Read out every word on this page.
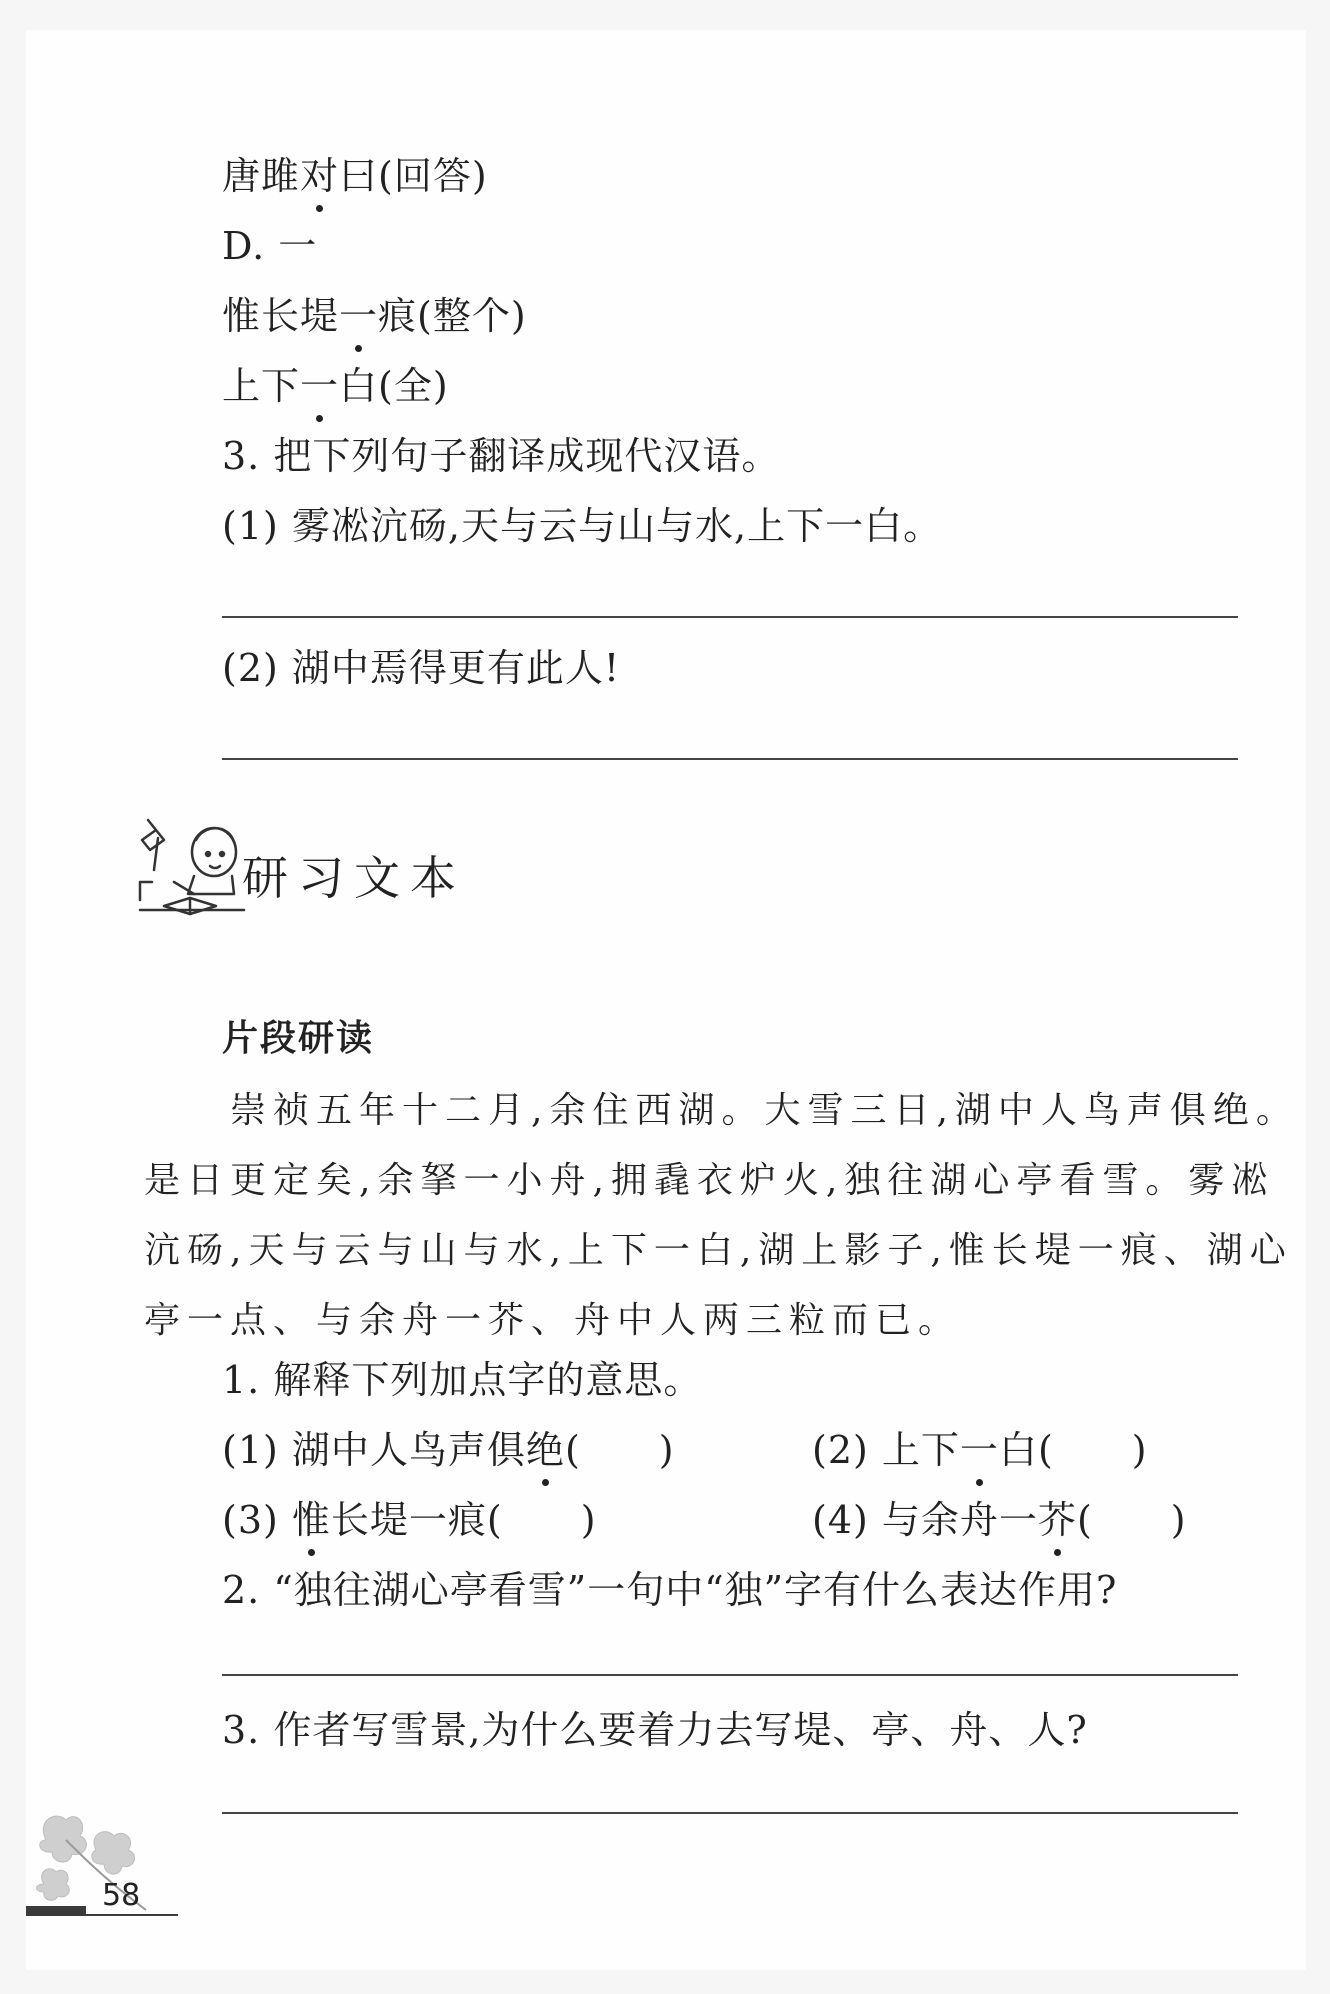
唐雎对曰(回答)
D. 一
惟长堤一痕(整个)
上下一白(全)
3. 把下列句子翻译成现代汉语。
(1) 雾凇沆砀,天与云与山与水,上下一白。
(2) 湖中焉得更有此人!
研习文本
片段研读
　　崇祯五年十二月,余住西湖。大雪三日,湖中人鸟声俱绝。
是日更定矣,余拏一小舟,拥毳衣炉火,独往湖心亭看雪。雾凇
沆砀,天与云与山与水,上下一白,湖上影子,惟长堤一痕、湖心
亭一点、与余舟一芥、舟中人两三粒而已。
1. 解释下列加点字的意思。
(1) 湖中人鸟声俱绝(　　)	(2) 上下一白(　　)
(3) 惟长堤一痕(　　)	(4) 与余舟一芥(　　)
2. “独往湖心亭看雪”一句中“独”字有什么表达作用?
3. 作者写雪景,为什么要着力去写堤、亭、舟、人?
58
